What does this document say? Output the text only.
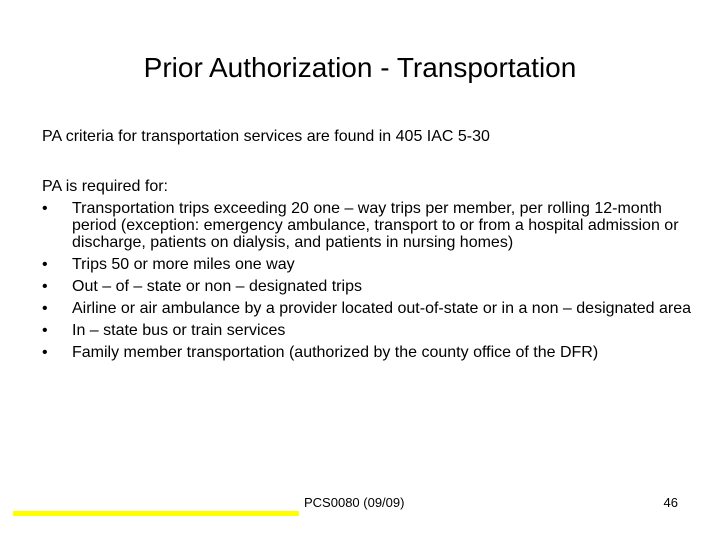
Prior Authorization - Transportation
PA criteria for transportation services are found in 405 IAC 5-30
PA is required for:
• Transportation trips exceeding 20 one – way trips per member, per rolling 12-month period (exception: emergency ambulance, transport to or from a hospital admission or discharge, patients on dialysis, and patients in nursing homes)
• Trips 50 or more miles one way
• Out – of – state or non – designated trips
• Airline or air ambulance by a provider located out-of-state or in a non – designated area
• In – state bus or train services
• Family member transportation (authorized by the county office of the DFR)
PCS0080 (09/09)	46
